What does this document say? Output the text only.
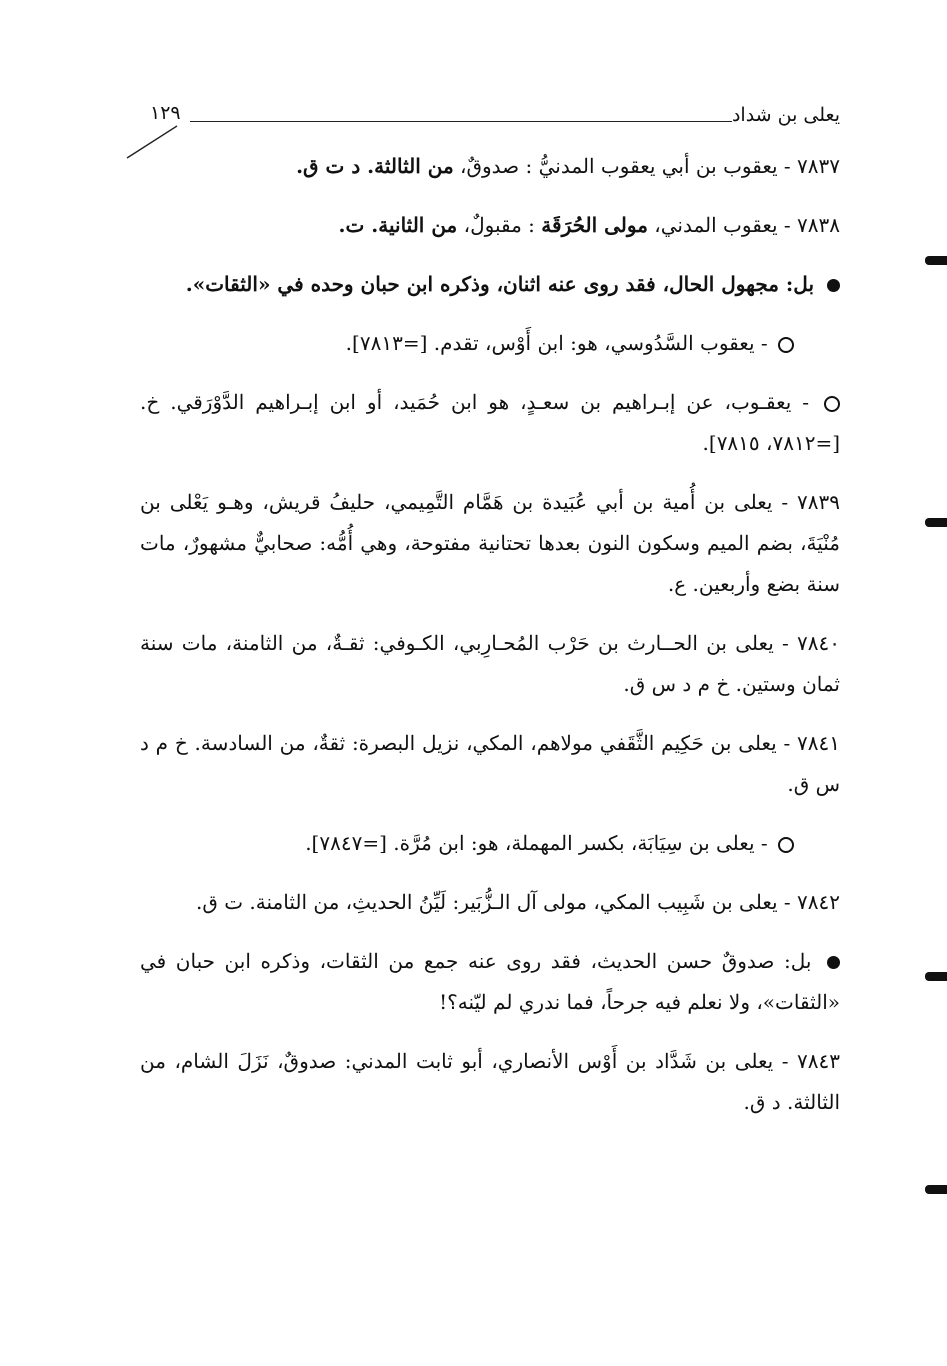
يعلى بن شداد
١٢٩

٧٨٣٧ - يعقوب بن أبي يعقوب المدنيُّ : صدوقٌ، من الثالثة. د ت ق.

٧٨٣٨ - يعقوب المدني، مولى الحُرَقَة : مقبولٌ، من الثانية. ت.

بل: مجهول الحال، فقد روى عنه اثنان، وذكره ابن حبان وحده في «الثقات».

- يعقوب السَّدُوسي، هو: ابن أَوْس، تقدم. [=٧٨١٣].

- يعقـوب، عن إبـراهيم بن سعـدٍ، هو ابن حُمَيد، أو ابن إبـراهيم الدَّوْرَقي. خ. [=٧٨١٢، ٧٨١٥].

٧٨٣٩ - يعلى بن أُمية بن أبي عُبَيدة بن هَمَّام التَّمِيمي، حليفُ قريش، وهـو يَعْلى بن مُنْيَةَ، بضم الميم وسكون النون بعدها تحتانية مفتوحة، وهي أُمُّه: صحابيٌّ مشهورٌ، مات سنة بضع وأربعين. ع.

٧٨٤٠ - يعلى بن الحــارث بن حَرْب المُحـارِبي، الكـوفي: ثقـةٌ، من الثامنة، مات سنة ثمان وستين. خ م د س ق.

٧٨٤١ - يعلى بن حَكِيم الثَّقَفي مولاهم، المكي، نزيل البصرة: ثقةٌ، من السادسة. خ م د س ق.

- يعلى بن سِيَابَة، بكسر المهملة، هو: ابن مُرَّة. [=٧٨٤٧].

٧٨٤٢ - يعلى بن شَبِيب المكي، مولى آل الـزُّبَير: لَيِّنُ الحديثِ، من الثامنة. ت ق.

بل: صدوقٌ حسن الحديث، فقد روى عنه جمع من الثقات، وذكره ابن حبان في «الثقات»، ولا نعلم فيه جرحاً، فما ندري لم ليّنه؟!

٧٨٤٣ - يعلى بن شَدَّاد بن أَوْس الأنصاري، أبو ثابت المدني: صدوقٌ، نَزَلَ الشام، من الثالثة. د ق.
